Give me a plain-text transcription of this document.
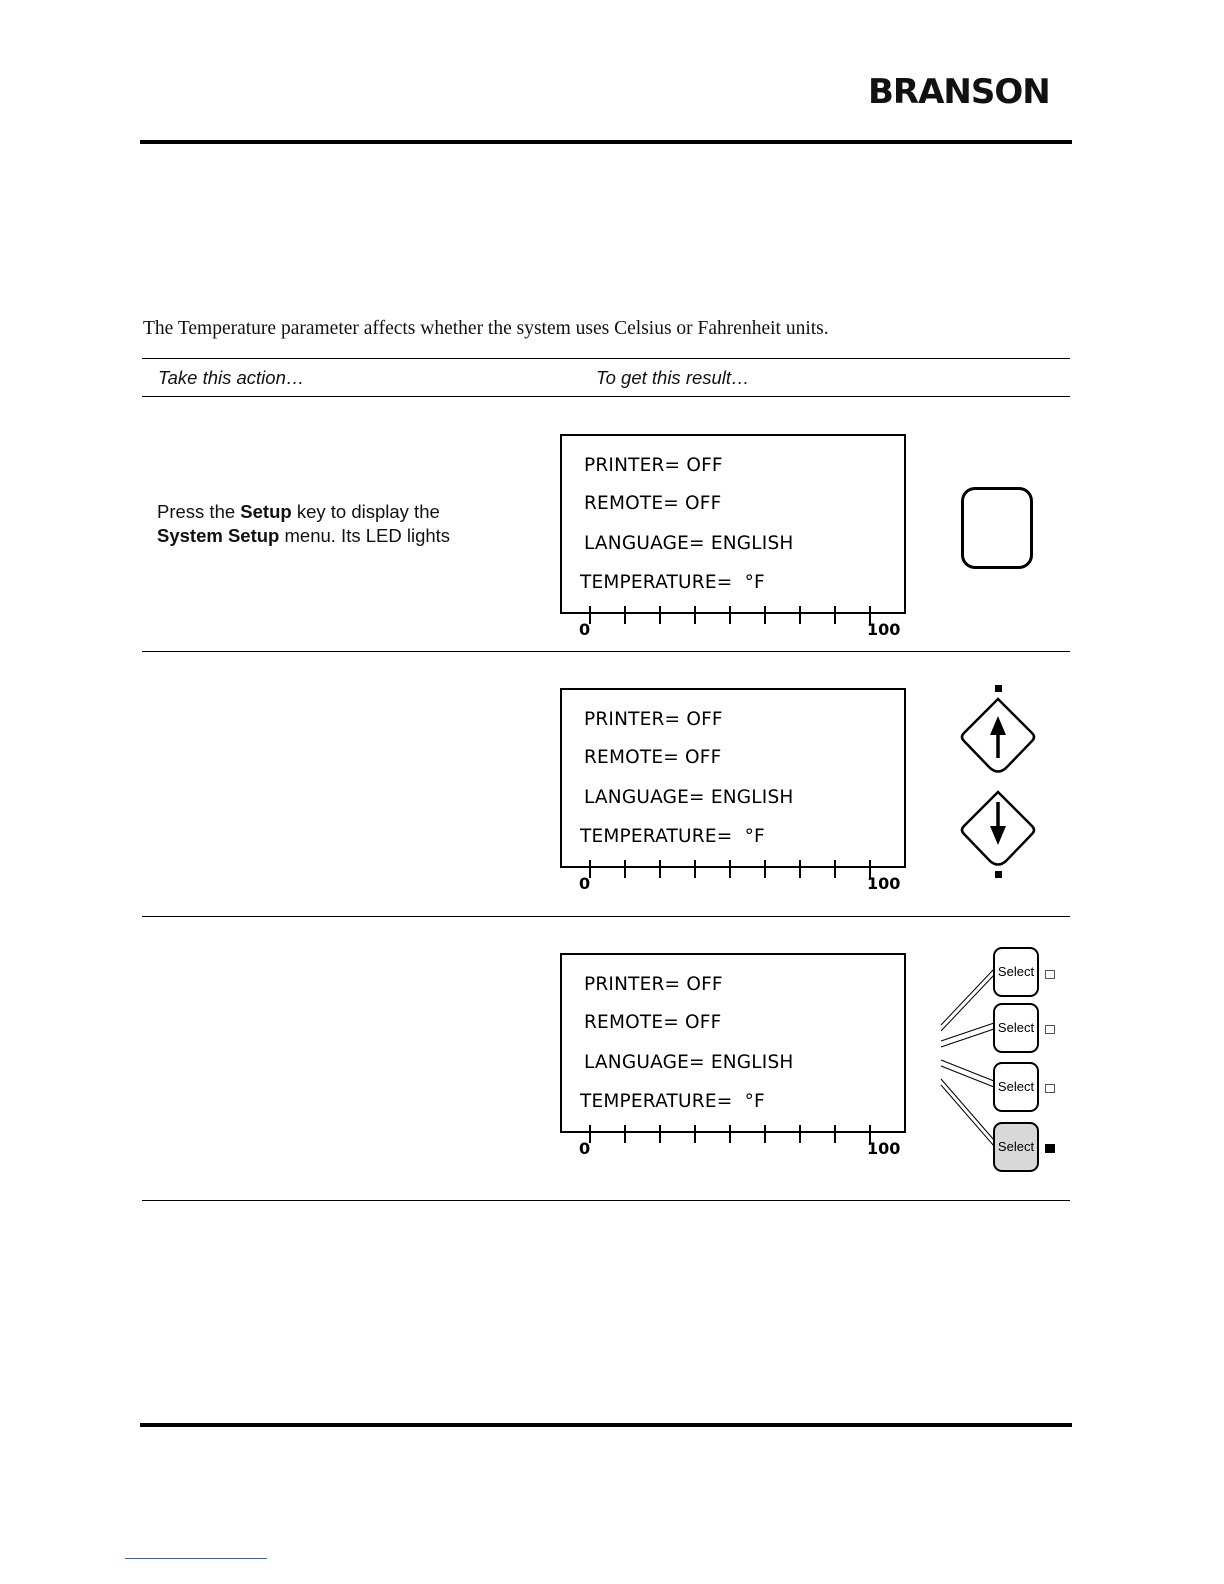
BRANSON
The Temperature parameter affects whether the system uses Celsius or Fahrenheit units.
Take this action…	To get this result…
Press the Setup key to display the
System Setup menu. Its LED lights
PRINTER= OFF
REMOTE= OFF
LANGUAGE= ENGLISH
TEMPERATURE= °F
0	100
PRINTER= OFF
REMOTE= OFF
LANGUAGE= ENGLISH
TEMPERATURE= °F
0	100
PRINTER= OFF
REMOTE= OFF
LANGUAGE= ENGLISH
TEMPERATURE= °F
0	100
Select
Select
Select
Select
